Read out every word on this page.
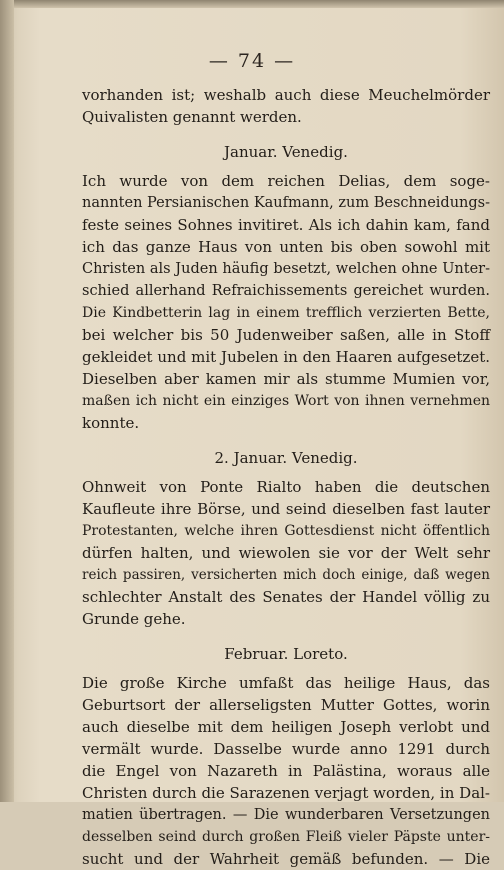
— 74 —
vorhanden ist; weshalb auch diese Meuchelmörder
Quivalisten genannt werden.
Januar. Venedig.
Ich wurde von dem reichen Delias, dem soge-
nannten Persianischen Kaufmann, zum Beschneidungs-
feste seines Sohnes invitiret. Als ich dahin kam, fand
ich das ganze Haus von unten bis oben sowohl mit
Christen als Juden häufig besetzt, welchen ohne Unter-
schied allerhand Refraichissements gereichet wurden.
Die Kindbetterin lag in einem trefflich verzierten Bette,
bei welcher bis 50 Judenweiber saßen, alle in Stoff
gekleidet und mit Jubelen in den Haaren aufgesetzet.
Dieselben aber kamen mir als stumme Mumien vor,
maßen ich nicht ein einziges Wort von ihnen vernehmen
konnte.
2. Januar. Venedig.
Ohnweit von Ponte Rialto haben die deutschen
Kaufleute ihre Börse, und seind dieselben fast lauter
Protestanten, welche ihren Gottesdienst nicht öffentlich
dürfen halten, und wiewolen sie vor der Welt sehr
reich passiren, versicherten mich doch einige, daß wegen
schlechter Anstalt des Senates der Handel völlig zu
Grunde gehe.
Februar. Loreto.
Die große Kirche umfaßt das heilige Haus, das
Geburtsort der allerseligsten Mutter Gottes, worin
auch dieselbe mit dem heiligen Joseph verlobt und
vermält wurde. Dasselbe wurde anno 1291 durch
die Engel von Nazareth in Palästina, woraus alle
Christen durch die Sarazenen verjagt worden, in Dal-
matien übertragen. — Die wunderbaren Versetzungen
desselben seind durch großen Fleiß vieler Päpste unter-
sucht und der Wahrheit gemäß befunden. — Die
